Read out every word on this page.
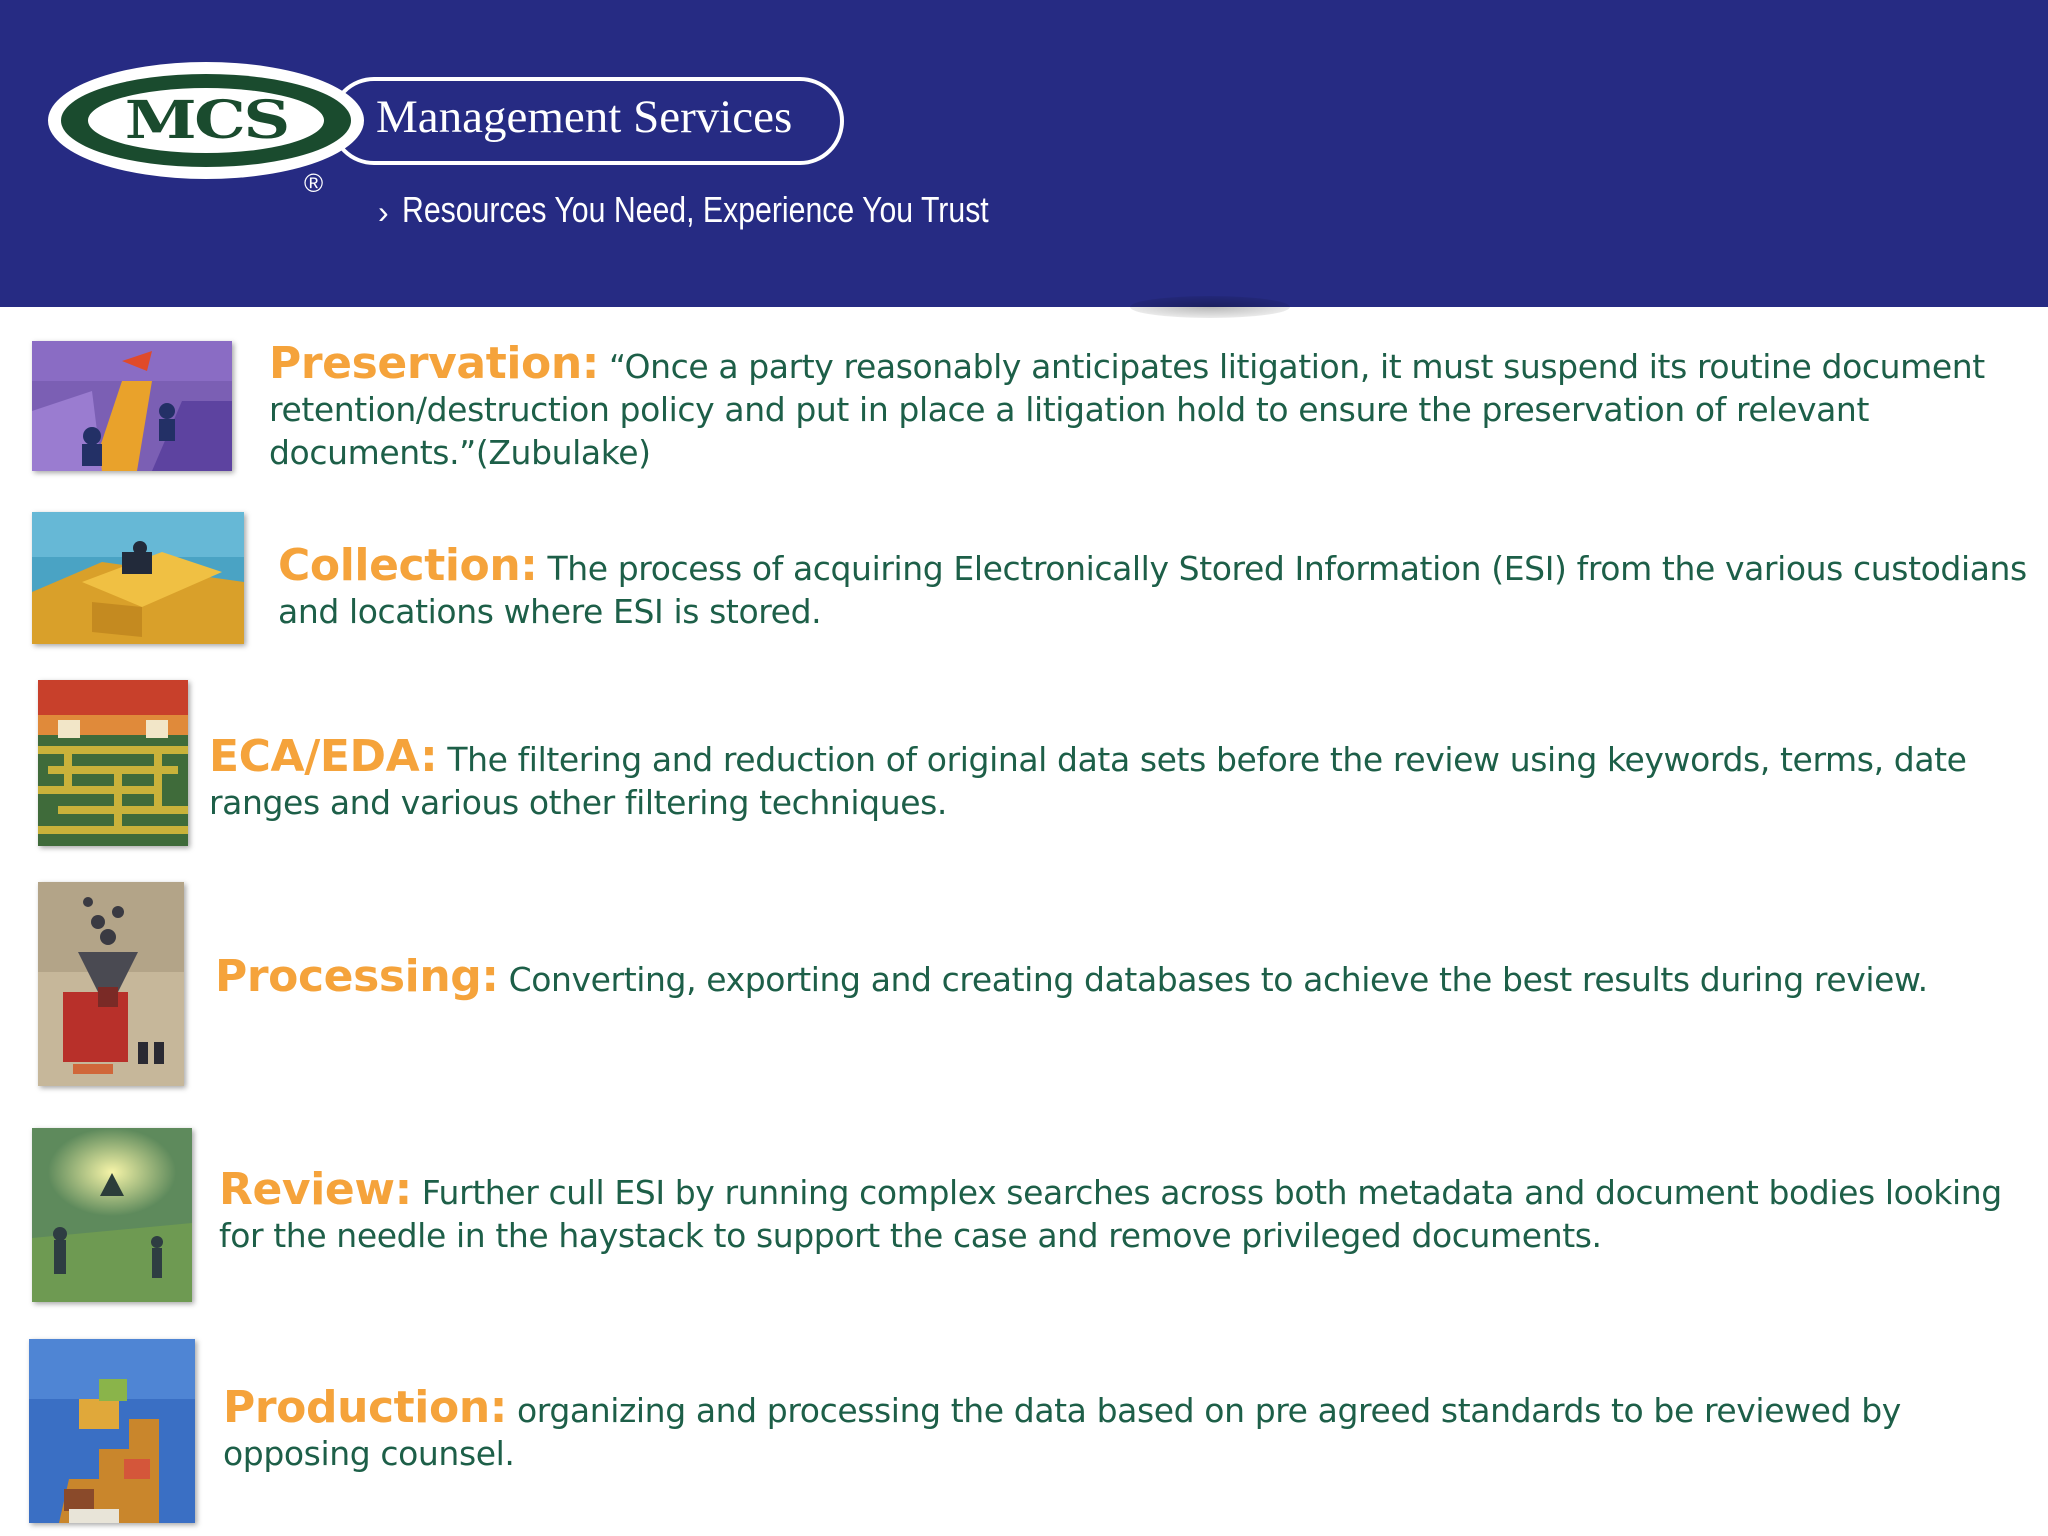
MCS Management Services
®
› Resources You Need, Experience You Trust
Preservation: “Once a party reasonably anticipates litigation, it must suspend its routine document retention/destruction policy and put in place a litigation hold to ensure the preservation of relevant documents.”(Zubulake)
Collection: The process of acquiring Electronically Stored Information (ESI) from the various custodians and locations where ESI is stored.
ECA/EDA: The filtering and reduction of original data sets before the review using keywords, terms, date ranges and various other filtering techniques.
Processing: Converting, exporting and creating databases to achieve the best results during review.
Review: Further cull ESI by running complex searches across both metadata and document bodies looking for the needle in the haystack to support the case and remove privileged documents.
Production: organizing and processing the data based on pre agreed standards to be reviewed by opposing counsel.
